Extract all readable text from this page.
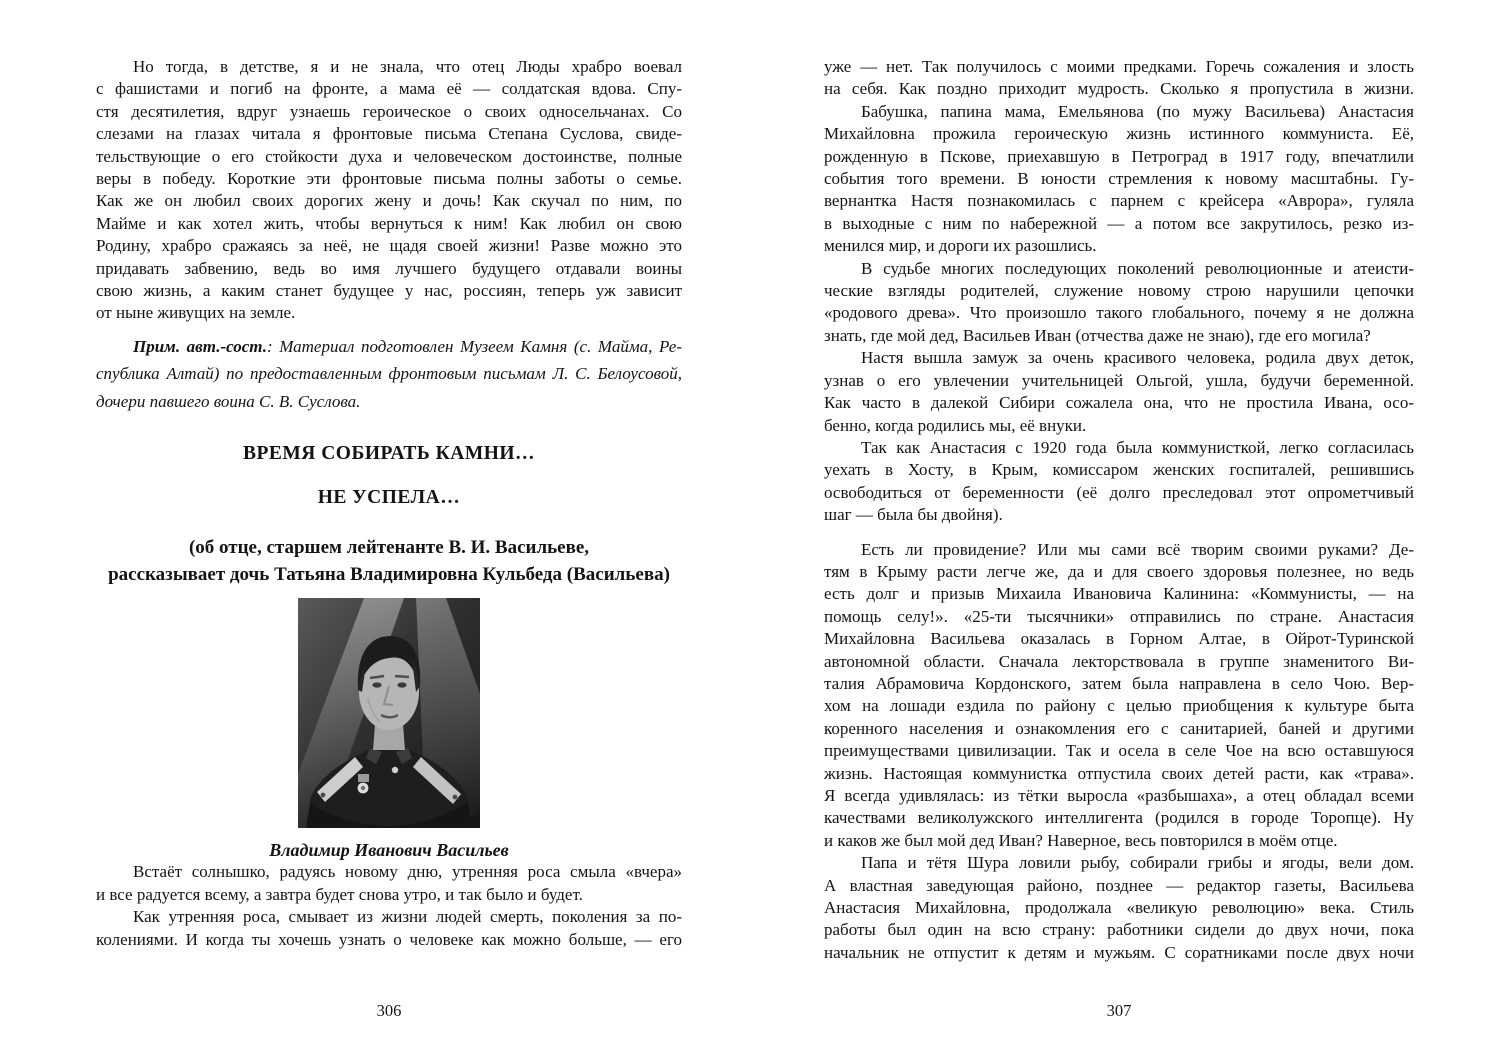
Но тогда, в детстве, я и не знала, что отец Люды храбро воевал
с фашистами и погиб на фронте, а мама её — солдатская вдова. Спу-
стя десятилетия, вдруг узнаешь героическое о своих односельчанах. Со
слезами на глазах читала я фронтовые письма Степана Суслова, свиде-
тельствующие о его стойкости духа и человеческом достоинстве, полные
веры в победу. Короткие эти фронтовые письма полны заботы о семье.
Как же он любил своих дорогих жену и дочь! Как скучал по ним, по
Майме и как хотел жить, чтобы вернуться к ним! Как любил он свою
Родину, храбро сражаясь за неё, не щадя своей жизни! Разве можно это
придавать забвению, ведь во имя лучшего будущего отдавали воины
свою жизнь, а каким станет будущее у нас, россиян, теперь уж зависит
от ныне живущих на земле.
Прим. авт.-сост.: Материал подготовлен Музеем Камня (с. Майма, Ре-
спублика Алтай) по предоставленным фронтовым письмам Л. С. Белоусовой,
дочери павшего воина С. В. Суслова.
ВРЕМЯ СОБИРАТЬ КАМНИ…
НЕ УСПЕЛА…
(об отце, старшем лейтенанте В. И. Васильеве,
рассказывает дочь Татьяна Владимировна Кульбеда (Васильева)
Владимир Иванович Васильев
Встаёт солнышко, радуясь новому дню, утренняя роса смыла «вчера»
и все радуется всему, а завтра будет снова утро, и так было и будет.
Как утренняя роса, смывает из жизни людей смерть, поколения за по-
колениями. И когда ты хочешь узнать о человеке как можно больше, — его
уже — нет. Так получилось с моими предками. Горечь сожаления и злость
на себя. Как поздно приходит мудрость. Сколько я пропустила в жизни.
Бабушка, папина мама, Емельянова (по мужу Васильева) Анастасия
Михайловна прожила героическую жизнь истинного коммуниста. Её,
рожденную в Пскове, приехавшую в Петроград в 1917 году, впечатлили
события того времени. В юности стремления к новому масштабны. Гу-
вернантка Настя познакомилась с парнем с крейсера «Аврора», гуляла
в выходные с ним по набережной — а потом все закрутилось, резко из-
менился мир, и дороги их разошлись.
В судьбе многих последующих поколений революционные и атеисти-
ческие взгляды родителей, служение новому строю нарушили цепочки
«родового древа». Что произошло такого глобального, почему я не должна
знать, где мой дед, Васильев Иван (отчества даже не знаю), где его могила?
Настя вышла замуж за очень красивого человека, родила двух деток,
узнав о его увлечении учительницей Ольгой, ушла, будучи беременной.
Как часто в далекой Сибири сожалела она, что не простила Ивана, осо-
бенно, когда родились мы, её внуки.
Так как Анастасия с 1920 года была коммунисткой, легко согласилась
уехать в Хосту, в Крым, комиссаром женских госпиталей, решившись
освободиться от беременности (её долго преследовал этот опрометчивый
шаг — была бы двойня).
Есть ли провидение? Или мы сами всё творим своими руками? Де-
тям в Крыму расти легче же, да и для своего здоровья полезнее, но ведь
есть долг и призыв Михаила Ивановича Калинина: «Коммунисты, — на
помощь селу!». «25-ти тысячники» отправились по стране. Анастасия
Михайловна Васильева оказалась в Горном Алтае, в Ойрот-Туринской
автономной области. Сначала лекторствовала в группе знаменитого Ви-
талия Абрамовича Кордонского, затем была направлена в село Чою. Вер-
хом на лошади ездила по району с целью приобщения к культуре быта
коренного населения и ознакомления его с санитарией, баней и другими
преимуществами цивилизации. Так и осела в селе Чое на всю оставшуюся
жизнь. Настоящая коммунистка отпустила своих детей расти, как «трава».
Я всегда удивлялась: из тётки выросла «разбышаха», а отец обладал всеми
качествами великолужского интеллигента (родился в городе Торопце). Ну
и каков же был мой дед Иван? Наверное, весь повторился в моём отце.
Папа и тётя Шура ловили рыбу, собирали грибы и ягоды, вели дом.
А властная заведующая районо, позднее — редактор газеты, Васильева
Анастасия Михайловна, продолжала «великую революцию» века. Стиль
работы был один на всю страну: работники сидели до двух ночи, пока
начальник не отпустит к детям и мужьям. С соратниками после двух ночи
306	307
